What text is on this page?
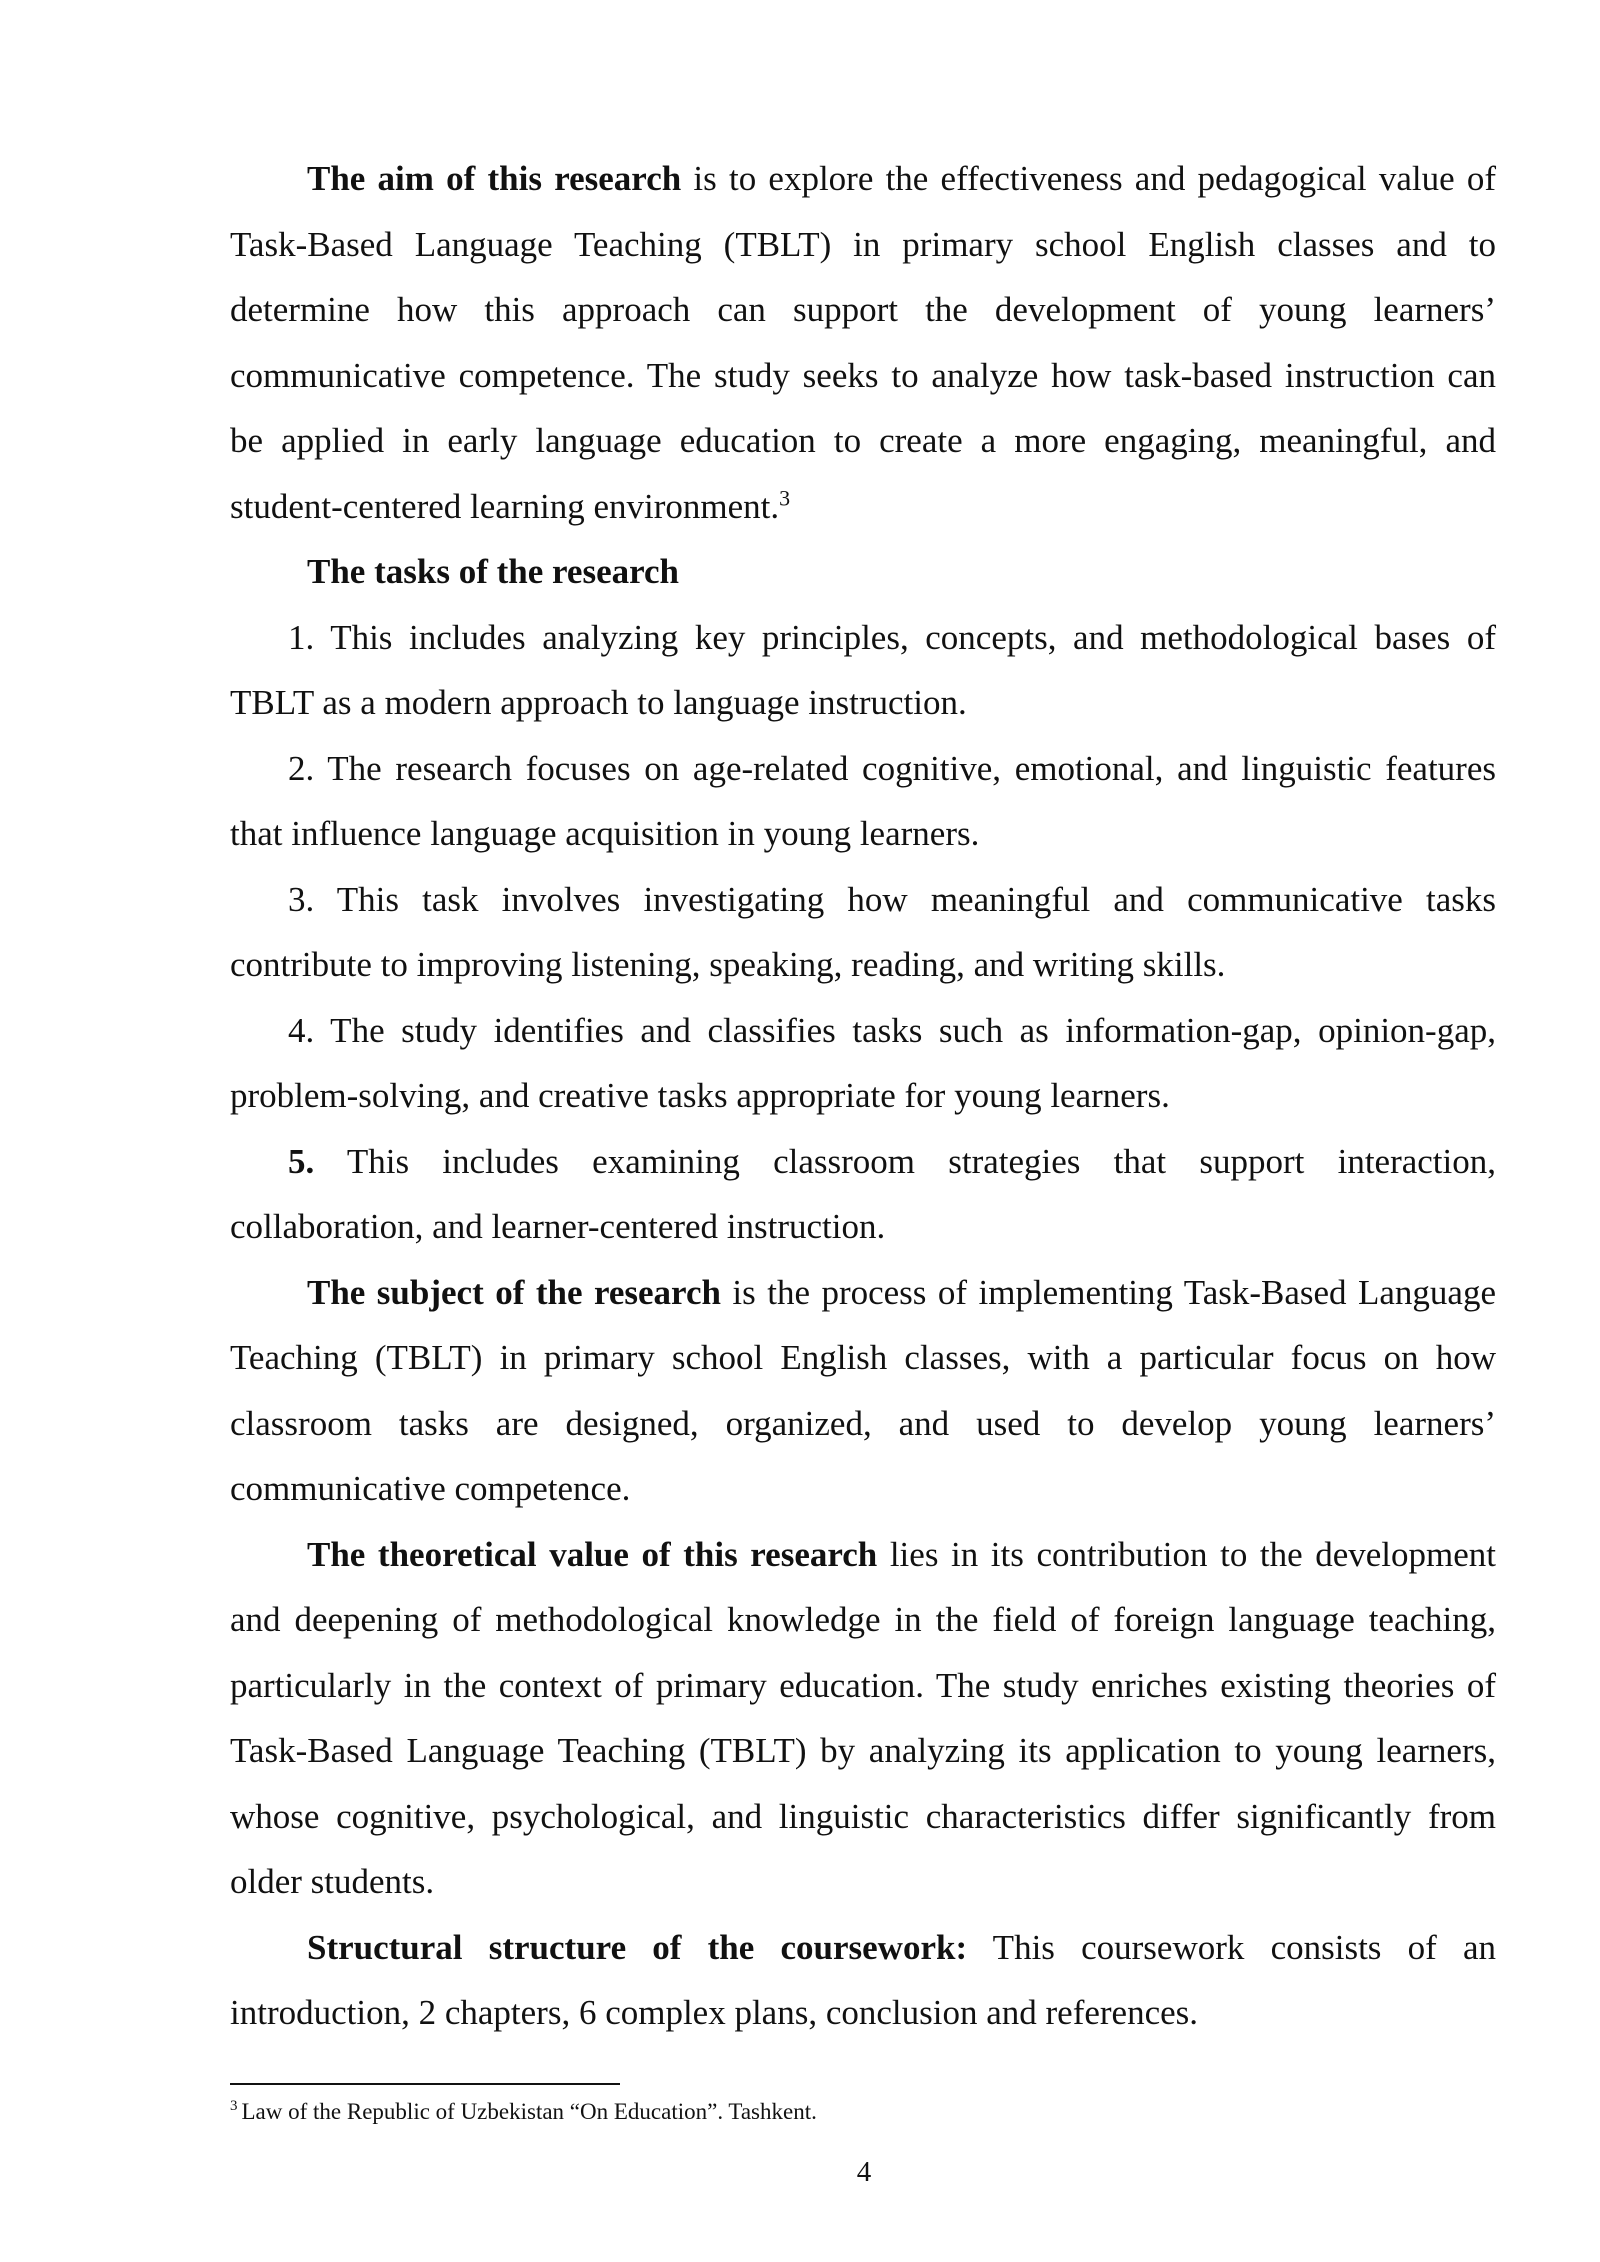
The aim of this research is to explore the effectiveness and pedagogical value of Task-Based Language Teaching (TBLT) in primary school English classes and to determine how this approach can support the development of young learners’ communicative competence. The study seeks to analyze how task-based instruction can be applied in early language education to create a more engaging, meaningful, and student-centered learning environment.$^3$

The tasks of the research

1. This includes analyzing key principles, concepts, and methodological bases of TBLT as a modern approach to language instruction.

2. The research focuses on age-related cognitive, emotional, and linguistic features that influence language acquisition in young learners.

3. This task involves investigating how meaningful and communicative tasks contribute to improving listening, speaking, reading, and writing skills.

4. The study identifies and classifies tasks such as information-gap, opinion-gap, problem-solving, and creative tasks appropriate for young learners.

5. This includes examining classroom strategies that support interaction, collaboration, and learner-centered instruction.

The subject of the research is the process of implementing Task-Based Language Teaching (TBLT) in primary school English classes, with a particular focus on how classroom tasks are designed, organized, and used to develop young learners’ communicative competence.

The theoretical value of this research lies in its contribution to the development and deepening of methodological knowledge in the field of foreign language teaching, particularly in the context of primary education. The study enriches existing theories of Task-Based Language Teaching (TBLT) by analyzing its application to young learners, whose cognitive, psychological, and linguistic characteristics differ significantly from older students.

Structural structure of the coursework: This coursework consists of an introduction, 2 chapters, 6 complex plans, conclusion and references.

$^3$ Law of the Republic of Uzbekistan “On Education”. Tashkent.
4
